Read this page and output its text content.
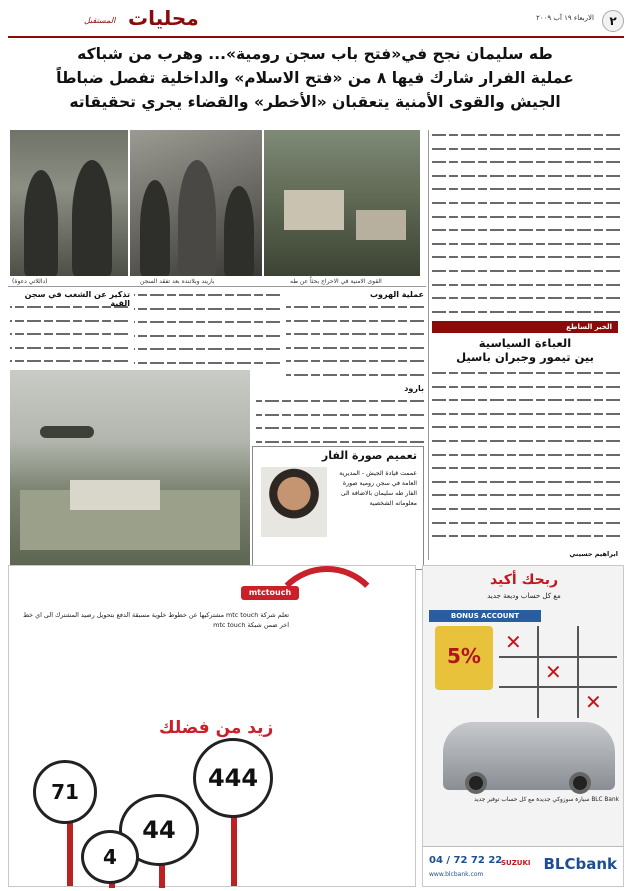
٢
الاربعاء ١٩ آب ٢٠٠٩
محليات
المستقبل
طه سليمان نجح في«فتح باب سجن رومية»... وهرب من شباكه
عملية الفرار شارك فيها ٨ من «فتح الاسلام» والداخلية تفصل ضباطاً
الجيش والقوى الأمنية يتعقبان «الأخطر» والقضاء يجري تحقيقاته
(داللاتي دعوة)	باريند وبلاتنده بعد تفقد السجن	القوى الامنية في الاحراج بحثاً عن طه
الخبر الساطع
العباءة السياسية
بين تيمور وجبران باسيل
ابراهيم حسيني
تذكير عن الشغب في سجن القبة
عملية الهروب
بارود
تعميم صورة الفار
عممت قيادة الجيش - المديرية العامة في سجن رومية صورة الفار طه سليمان بالاضافة الى معلوماته الشخصية
mtctouch
تعلم شركة mtc touch مشتركيها عن خطوط خلوية مسبقة الدفع بتحويل رصيد المشترك الى اي خط اخر ضمن شبكة mtc touch
زيد من فضلك
71	444
44
4
ربحك أكيد
مع كل حساب وديعة جديد
BONUS ACCOUNT
5%
✕
✕
✕
BLC Bank سيارة سوزوكي جديدة مع كل حساب توفير جديد
BLCbank
SUZUKI
04 / 72 72 22
www.blcbank.com
